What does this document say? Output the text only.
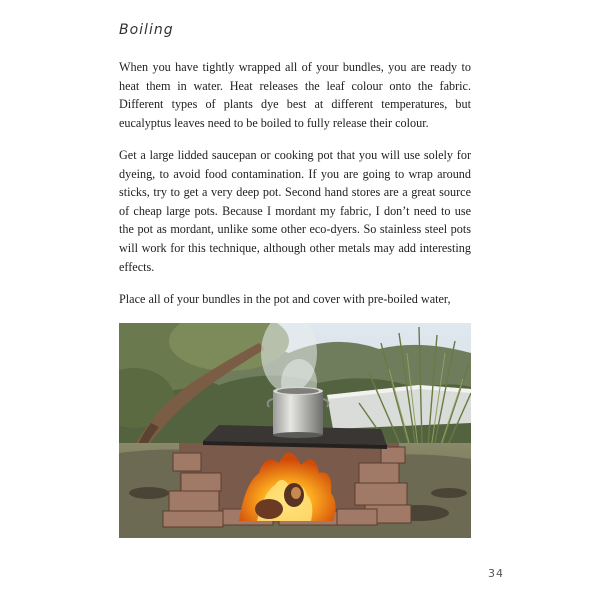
Boiling

When you have tightly wrapped all of your bundles, you are ready to heat them in water. Heat releases the leaf colour onto the fabric. Different types of plants dye best at different temperatures, but eucalyptus leaves need to be boiled to fully release their colour.

Get a large lidded saucepan or cooking pot that you will use solely for dyeing, to avoid food contamination. If you are going to wrap around sticks, try to get a very deep pot. Second hand stores are a great source of cheap large pots. Because I mordant my fabric, I don’t need to use the pot as mordant, unlike some other eco-dyers. So stainless steel pots will work for this technique, although other metals may add interesting effects.

Place all of your bundles in the pot and cover with pre-boiled water,

34
